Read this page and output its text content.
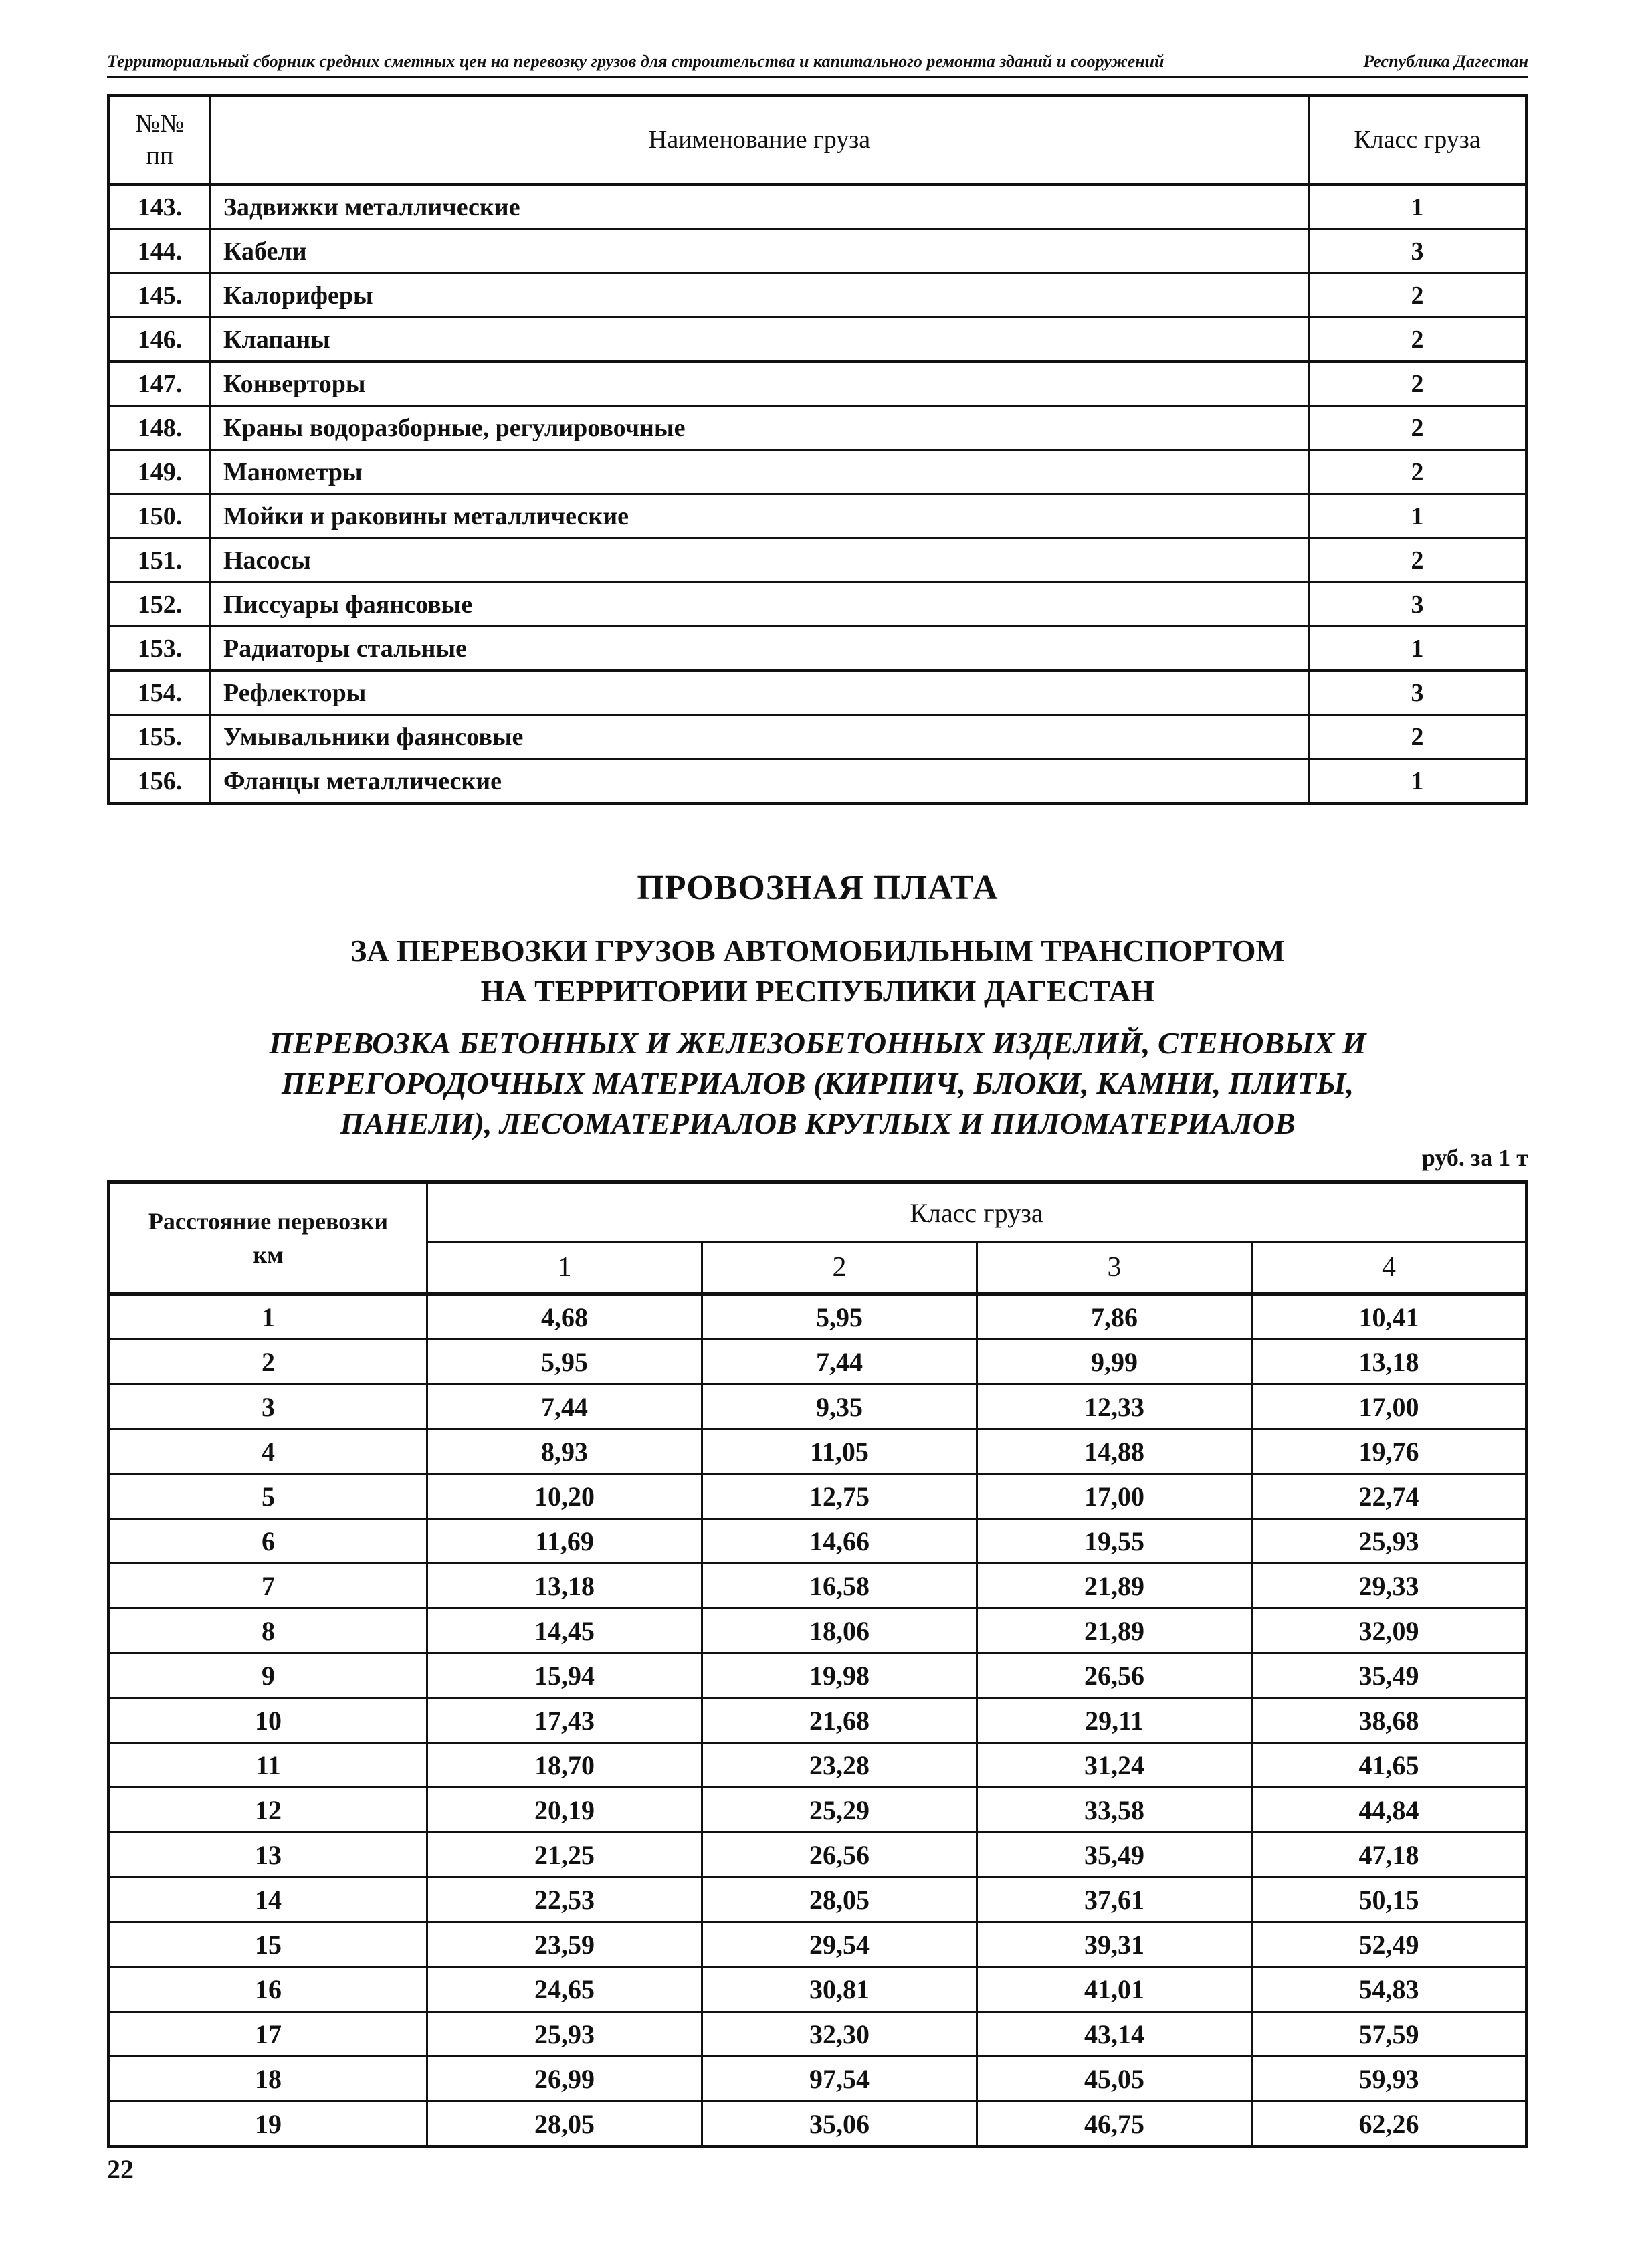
Территориальный сборник средних сметных цен на перевозку грузов для строительства и капитального ремонта зданий и сооружений	Республика Дагестан
№№
пп	Наименование груза	Класс груза
143.	Задвижки металлические	1
144.	Кабели	3
145.	Калориферы	2
146.	Клапаны	2
147.	Конверторы	2
148.	Краны водоразборные, регулировочные	2
149.	Манометры	2
150.	Мойки и раковины металлические	1
151.	Насосы	2
152.	Писсуары фаянсовые	3
153.	Радиаторы стальные	1
154.	Рефлекторы	3
155.	Умывальники фаянсовые	2
156.	Фланцы металлические	1
ПРОВОЗНАЯ ПЛАТА
ЗА ПЕРЕВОЗКИ ГРУЗОВ АВТОМОБИЛЬНЫМ ТРАНСПОРТОМ
НА ТЕРРИТОРИИ РЕСПУБЛИКИ ДАГЕСТАН
ПЕРЕВОЗКА БЕТОННЫХ И ЖЕЛЕЗОБЕТОННЫХ ИЗДЕЛИЙ, СТЕНОВЫХ И
ПЕРЕГОРОДОЧНЫХ МАТЕРИАЛОВ (КИРПИЧ, БЛОКИ, КАМНИ, ПЛИТЫ,
ПАНЕЛИ), ЛЕСОМАТЕРИАЛОВ КРУГЛЫХ И ПИЛОМАТЕРИАЛОВ
руб. за 1 т
Расстояние перевозки
км	Класс груза			
	1	2	3	4
1	4,68	5,95	7,86	10,41
2	5,95	7,44	9,99	13,18
3	7,44	9,35	12,33	17,00
4	8,93	11,05	14,88	19,76
5	10,20	12,75	17,00	22,74
6	11,69	14,66	19,55	25,93
7	13,18	16,58	21,89	29,33
8	14,45	18,06	21,89	32,09
9	15,94	19,98	26,56	35,49
10	17,43	21,68	29,11	38,68
11	18,70	23,28	31,24	41,65
12	20,19	25,29	33,58	44,84
13	21,25	26,56	35,49	47,18
14	22,53	28,05	37,61	50,15
15	23,59	29,54	39,31	52,49
16	24,65	30,81	41,01	54,83
17	25,93	32,30	43,14	57,59
18	26,99	97,54	45,05	59,93
19	28,05	35,06	46,75	62,26
22
